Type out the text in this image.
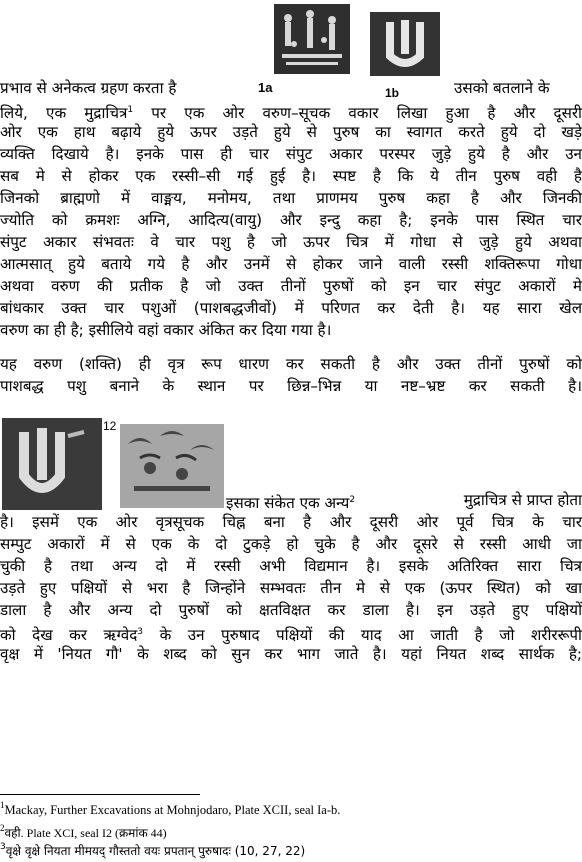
1a	1b
प्रभाव से अनेकत्व ग्रहण करता है	उसको बतलाने के
लिये, एक मुद्राचित्र$^1$ पर एक ओर वरुण–सूचक वकार लिखा हुआ है और दूसरी
ओर एक हाथ बढ़ाये हुये ऊपर उड़ते हुये से पुरुष का स्वागत करते हुये दो खड़े
व्यक्ति दिखाये है। इनके पास ही चार संपुट अकार परस्पर जुड़े हुये है और उन
सब मे से होकर एक रस्सी–सी गई हुई है। स्पष्ट है कि ये तीन पुरुष वही है
जिनको ब्राह्मणो में वाङ्मय, मनोमय, तथा प्राणमय पुरुष कहा है और जिनकी
ज्योति को क्रमशः अग्नि, आदित्य(वायु) और इन्दु कहा है; इनके पास स्थित चार
संपुट अकार संभवतः वे चार पशु है जो ऊपर चित्र में गोधा से जुड़े हुये अथवा
आत्मसात् हुये बताये गये है और उनमें से होकर जाने वाली रस्सी शक्तिरूपा गोधा
अथवा वरुण की प्रतीक है जो उक्त तीनों पुरुषों को इन चार संपुट अकारों मे
बांधकार उक्त चार पशुओं (पाशबद्धजीवों) में परिणत कर देती है। यह सारा खेल
वरुण का ही है; इसीलिये वहां वकार अंकित कर दिया गया है।
यह वरुण (शक्ति) ही वृत्र रूप धारण कर सकती है और उक्त तीनों पुरुषों को
पाशबद्ध पशु बनाने के स्थान पर छिन्न–भिन्न या नष्ट–भ्रष्ट कर सकती है।
12
इसका संकेत एक अन्य$^2$	मुद्राचित्र से प्राप्त होता
है। इसमें एक ओर वृत्रसूचक चिह्न बना है और दूसरी ओर पूर्व चित्र के चार
सम्पुट अकारों में से एक के दो टुकड़े हो चुके है और दूसरे से रस्सी आधी जा
चुकी है तथा अन्य दो में रस्सी अभी विद्यमान है। इसके अतिरिक्त सारा चित्र
उड़ते हुए पक्षियों से भरा है जिन्होंने सम्भवतः तीन मे से एक (ऊपर स्थित) को खा
डाला है और अन्य दो पुरुषों को क्षतविक्षत कर डाला है। इन उड़ते हुए पक्षियों
को देख कर ऋग्वेद$^3$ के उन पुरुषाद पक्षियों की याद आ जाती है जो शरीररूपी
वृक्ष में 'नियत गौ' के शब्द को सुन कर भाग जाते है। यहां नियत शब्द सार्थक है;
$^1$Mackay, Further Excavations at Mohnjodaro, Plate XCII, seal Ia-b.
$^2$वही. Plate XCI, seal I2 (क्रमांक 44)
$^3$वृक्षे वृक्षे नियता मीमयद् गौस्ततो वयः प्रपतान् पुरुषादः (10, 27, 22)
